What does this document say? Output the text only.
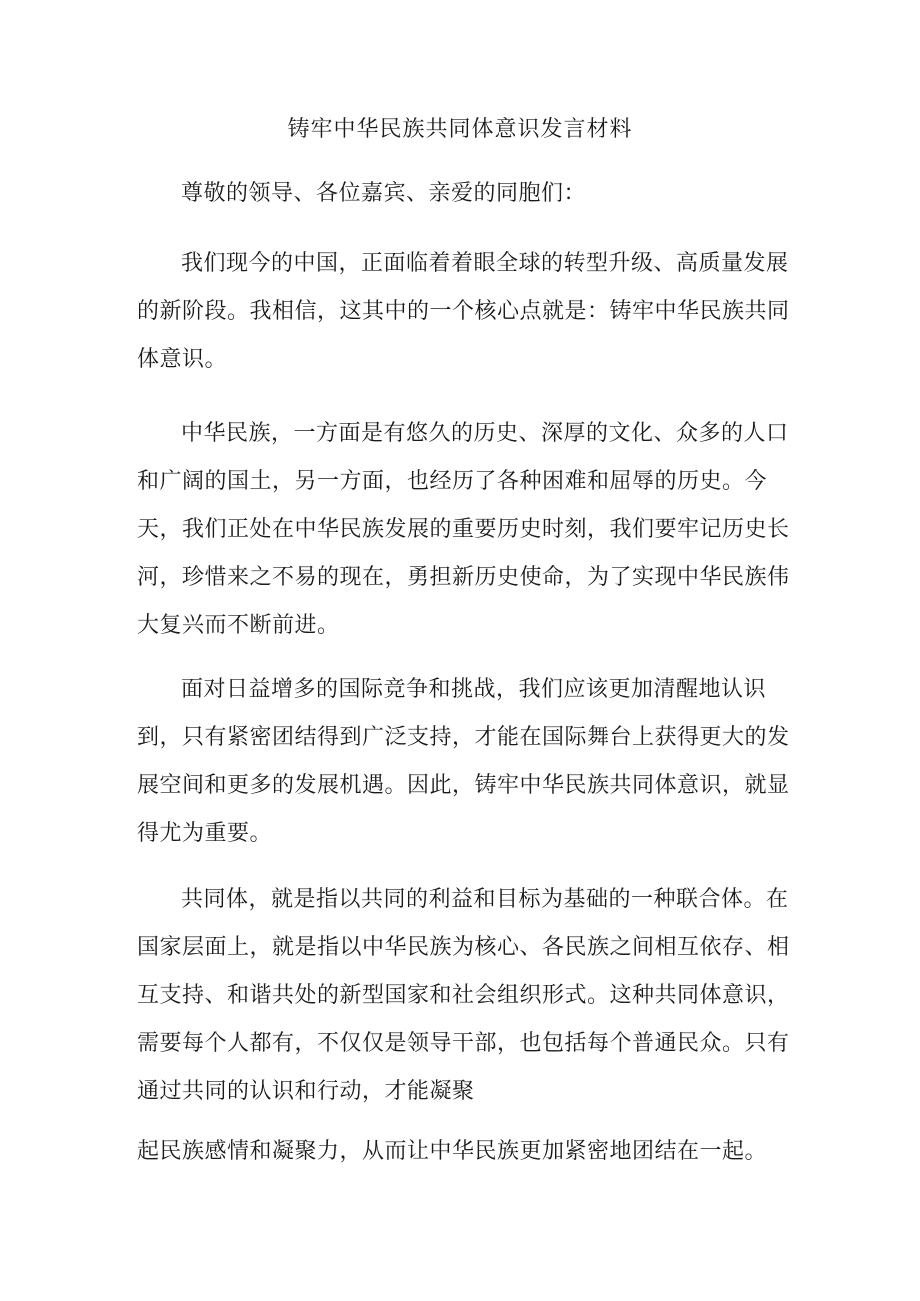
铸牢中华民族共同体意识发言材料

尊敬的领导、各位嘉宾、亲爱的同胞们：

我们现今的中国，正面临着着眼全球的转型升级、高质量发展的新阶段。我相信，这其中的一个核心点就是：铸牢中华民族共同体意识。

中华民族，一方面是有悠久的历史、深厚的文化、众多的人口和广阔的国土，另一方面，也经历了各种困难和屈辱的历史。今天，我们正处在中华民族发展的重要历史时刻，我们要牢记历史长河，珍惜来之不易的现在，勇担新历史使命，为了实现中华民族伟大复兴而不断前进。

面对日益增多的国际竞争和挑战，我们应该更加清醒地认识到，只有紧密团结得到广泛支持，才能在国际舞台上获得更大的发展空间和更多的发展机遇。因此，铸牢中华民族共同体意识，就显得尤为重要。

共同体，就是指以共同的利益和目标为基础的一种联合体。在国家层面上，就是指以中华民族为核心、各民族之间相互依存、相互支持、和谐共处的新型国家和社会组织形式。这种共同体意识，需要每个人都有，不仅仅是领导干部，也包括每个普通民众。只有通过共同的认识和行动，才能凝聚

起民族感情和凝聚力，从而让中华民族更加紧密地团结在一起。
